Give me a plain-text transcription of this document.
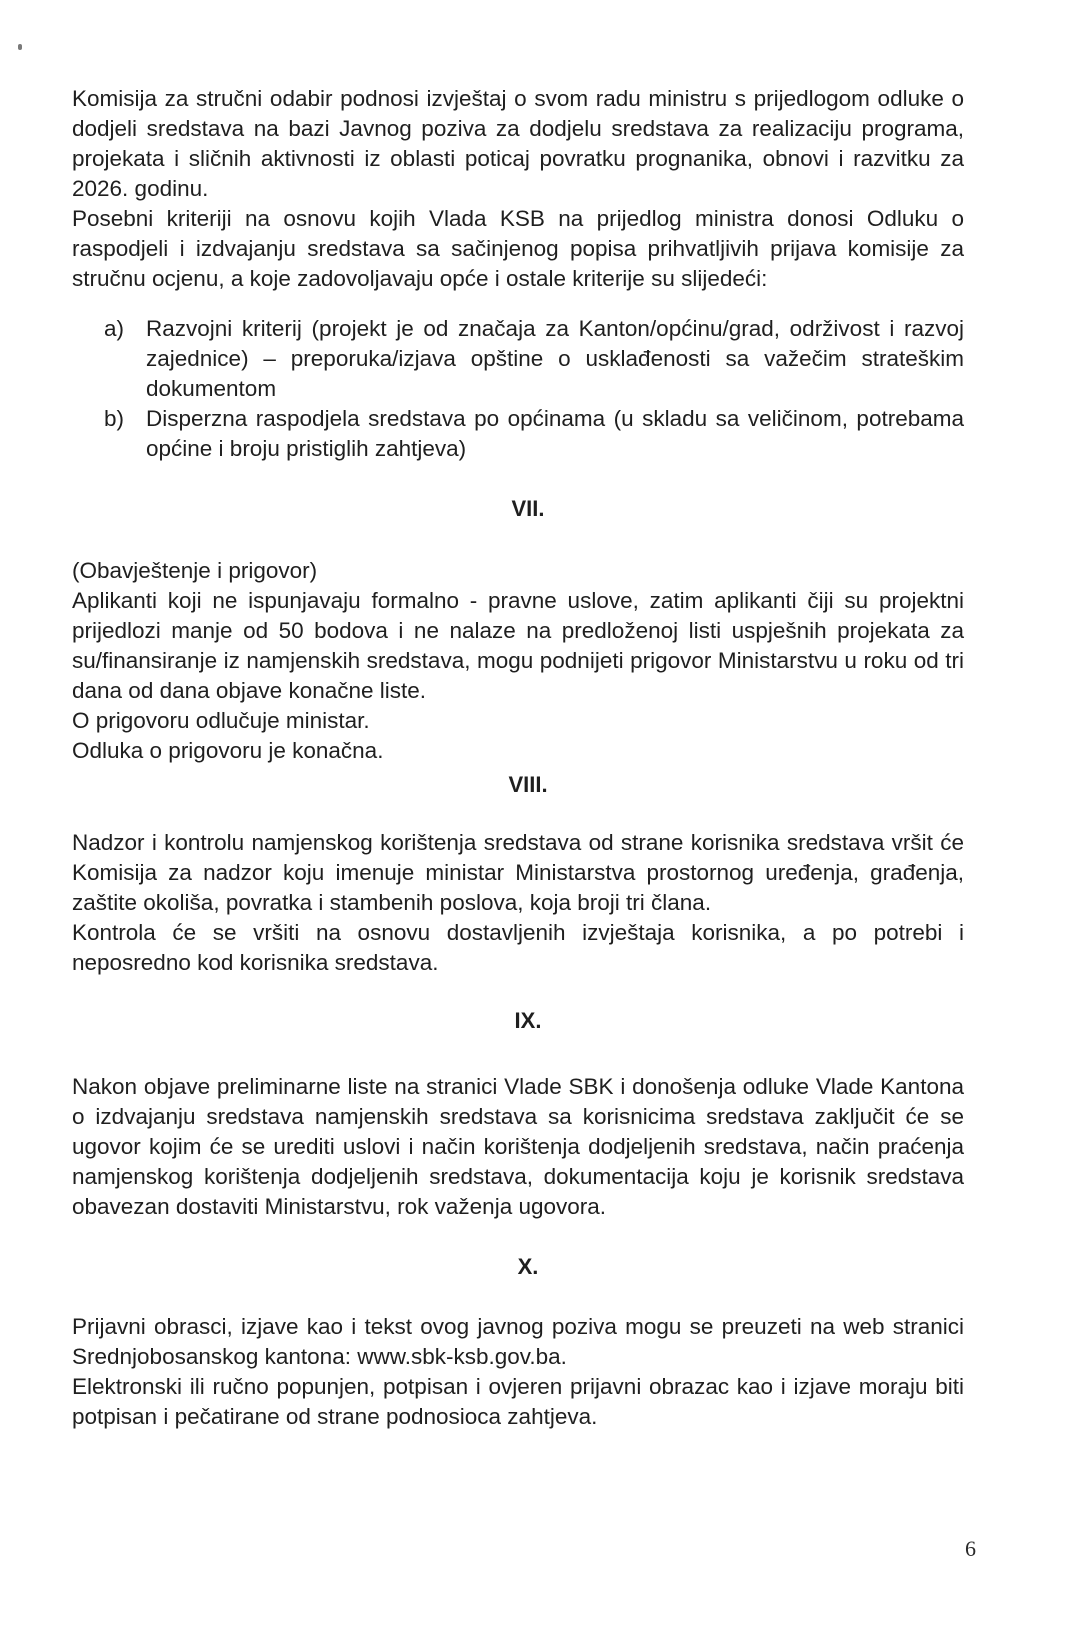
Komisija za stručni odabir podnosi izvještaj o svom radu ministru s prijedlogom odluke o dodjeli sredstava na bazi Javnog poziva za dodjelu sredstava za realizaciju programa, projekata i sličnih aktivnosti iz oblasti poticaj povratku prognanika, obnovi i razvitku za 2026. godinu.

Posebni kriteriji na osnovu kojih Vlada KSB na prijedlog ministra donosi Odluku o raspodjeli i izdvajanju sredstava sa sačinjenog popisa prihvatljivih prijava komisije za stručnu ocjenu, a koje zadovoljavaju opće i ostale kriterije su slijedeći:

a) Razvojni kriterij (projekt je od značaja za Kanton/općinu/grad, održivost i razvoj zajednice) – preporuka/izjava opštine o usklađenosti sa važečim strateškim dokumentom
b) Disperzna raspodjela sredstava po općinama (u skladu sa veličinom, potrebama općine i broju pristiglih zahtjeva)
VII.

(Obavještenje i prigovor)

Aplikanti koji ne ispunjavaju formalno - pravne uslove, zatim aplikanti čiji su projektni prijedlozi manje od 50 bodova i ne nalaze na predloženoj listi uspješnih projekata za su/finansiranje iz namjenskih sredstava, mogu podnijeti prigovor Ministarstvu u roku od tri dana od dana objave konačne liste.

O prigovoru odlučuje ministar.

Odluka o prigovoru je konačna.

VIII.

Nadzor i kontrolu namjenskog korištenja sredstava od strane korisnika sredstava vršit će Komisija za nadzor koju imenuje ministar Ministarstva prostornog uređenja, građenja, zaštite okoliša, povratka i stambenih poslova, koja broji tri člana.

Kontrola će se vršiti na osnovu dostavljenih izvještaja korisnika, a po potrebi i neposredno kod korisnika sredstava.

IX.

Nakon objave preliminarne liste na stranici Vlade SBK i donošenja odluke Vlade Kantona o izdvajanju sredstava namjenskih sredstava sa korisnicima sredstava zaključit će se ugovor kojim će se urediti uslovi i način korištenja dodjeljenih sredstava, način praćenja namjenskog korištenja dodjeljenih sredstava, dokumentacija koju je korisnik sredstava obavezan dostaviti Ministarstvu, rok važenja ugovora.

X.

Prijavni obrasci, izjave kao i tekst ovog javnog poziva mogu se preuzeti na web stranici Srednjobosanskog kantona: www.sbk-ksb.gov.ba.

Elektronski ili ručno popunjen, potpisan i ovjeren prijavni obrazac kao i izjave moraju biti potpisan i pečatirane od strane podnosioca zahtjeva.

6
